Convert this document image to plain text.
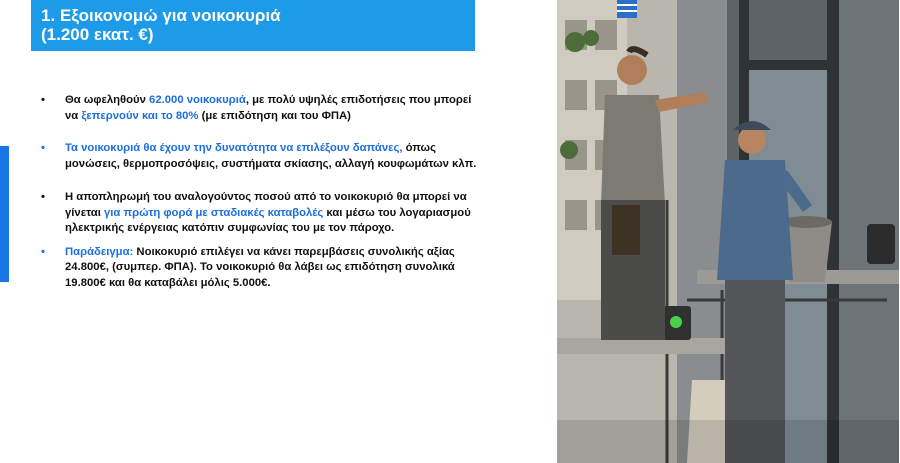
1. Εξοικονομώ για νοικοκυριά
(1.200 εκατ. €)
• Θα ωφεληθούν 62.000 νοικοκυριά, με πολύ υψηλές επιδοτήσεις που μπορεί να ξεπερνούν και το 80% (με επιδότηση και του ΦΠΑ)
• Τα νοικοκυριά θα έχουν την δυνατότητα να επιλέξουν δαπάνες, όπως μονώσεις, θερμοπροσόψεις, συστήματα σκίασης, αλλαγή κουφωμάτων κλπ.
• Η αποπληρωμή του αναλογούντος ποσού από το νοικοκυριό θα μπορεί να γίνεται για πρώτη φορά με σταδιακές καταβολές και μέσω του λογαριασμού ηλεκτρικής ενέργειας κατόπιν συμφωνίας του με τον πάροχο.
• Παράδειγμα: Νοικοκυριό επιλέγει να κάνει παρεμβάσεις συνολικής αξίας 24.800€, (συμπερ. ΦΠΑ). Το νοικοκυριό θα λάβει ως επιδότηση συνολικά 19.800€ και θα καταβάλει μόλις 5.000€.
